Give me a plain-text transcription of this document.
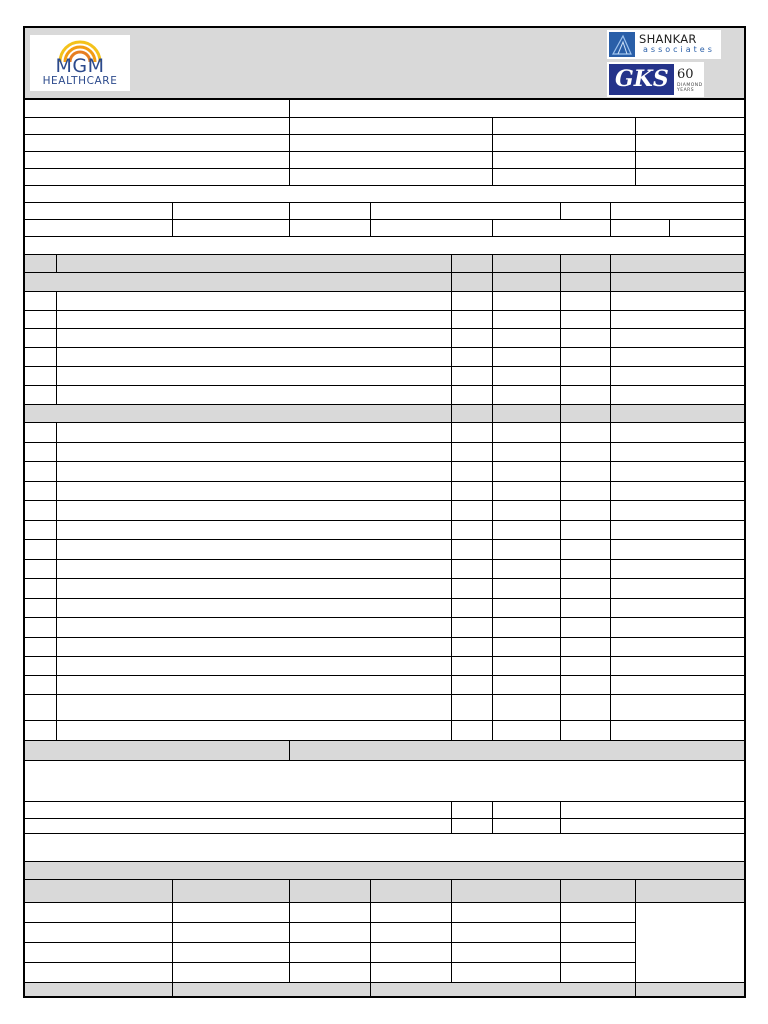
MGM
HEALTHCARE
SHANKAR
associates
GKS 60
DIAMOND
YEARS
